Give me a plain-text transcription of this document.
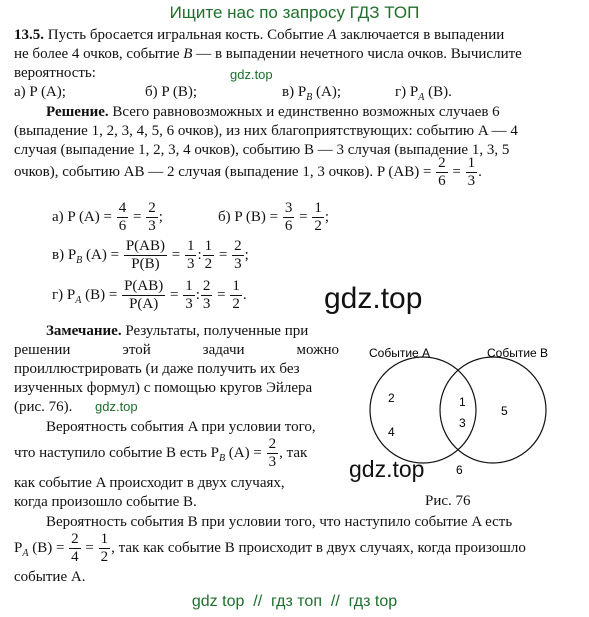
Ищите нас по запросу ГДЗ ТОП
13.5. Пусть бросается игральная кость. Событие A заключается в выпадении
не более 4 очков, событие B — в выпадении нечетного числа очков. Вычислите
вероятность:	gdz.top
а) P (A);	б) P (B);	в) $P_B$ (A);	г) $P_A$ (B).
Решение. Всего равновозможных и единственно возможных случаев 6
(выпадение 1, 2, 3, 4, 5, 6 очков), из них благоприятствующих: событию A — 4
случая (выпадение 1, 2, 3, 4 очков), событию B — 3 случая (выпадение 1, 3, 5
очков), событию AB — 2 случая (выпадение 1, 3 очков). P $(AB) = \frac{2}{6} = \frac{1}{3}$ .
а) P $(A) = \frac{4}{6} = \frac{2}{3}$ ;	б) P $(B) = \frac{3}{6} = \frac{1}{2}$ ;
в) $P_B$ $(A) = \frac{P(AB)}{P(B)} = \frac{1}{3}$ : $\frac{1}{2} = \frac{2}{3}$ ;
г) $P_A$ $(B) = \frac{P(AB)}{P(A)} = \frac{1}{3}$ : $\frac{2}{3} = \frac{1}{2}$ .	gdz.top
Замечание. Результаты, полученные при
решении этой задачи можно
проиллюстрировать (и даже получить их без
изученных формул) с помощью кругов Эйлера
(рис. 76). gdz.top
Вероятность события A при условии того,
что наступило событие B есть $P_B$ $(A) = \frac{2}{3}$ , так
как событие A происходит в двух случаях,
когда произошло событие B.
Событие A	Событие B
2
4
1
3
5
6
gdz.top
Рис. 76
Вероятность события B при условии того, что наступило событие A есть
$P_A$ $(B) = \frac{2}{4} = \frac{1}{2}$ , так как событие B происходит в двух случаях, когда произошло
событие A.
gdz top  //  гдз топ  //  гдз top
